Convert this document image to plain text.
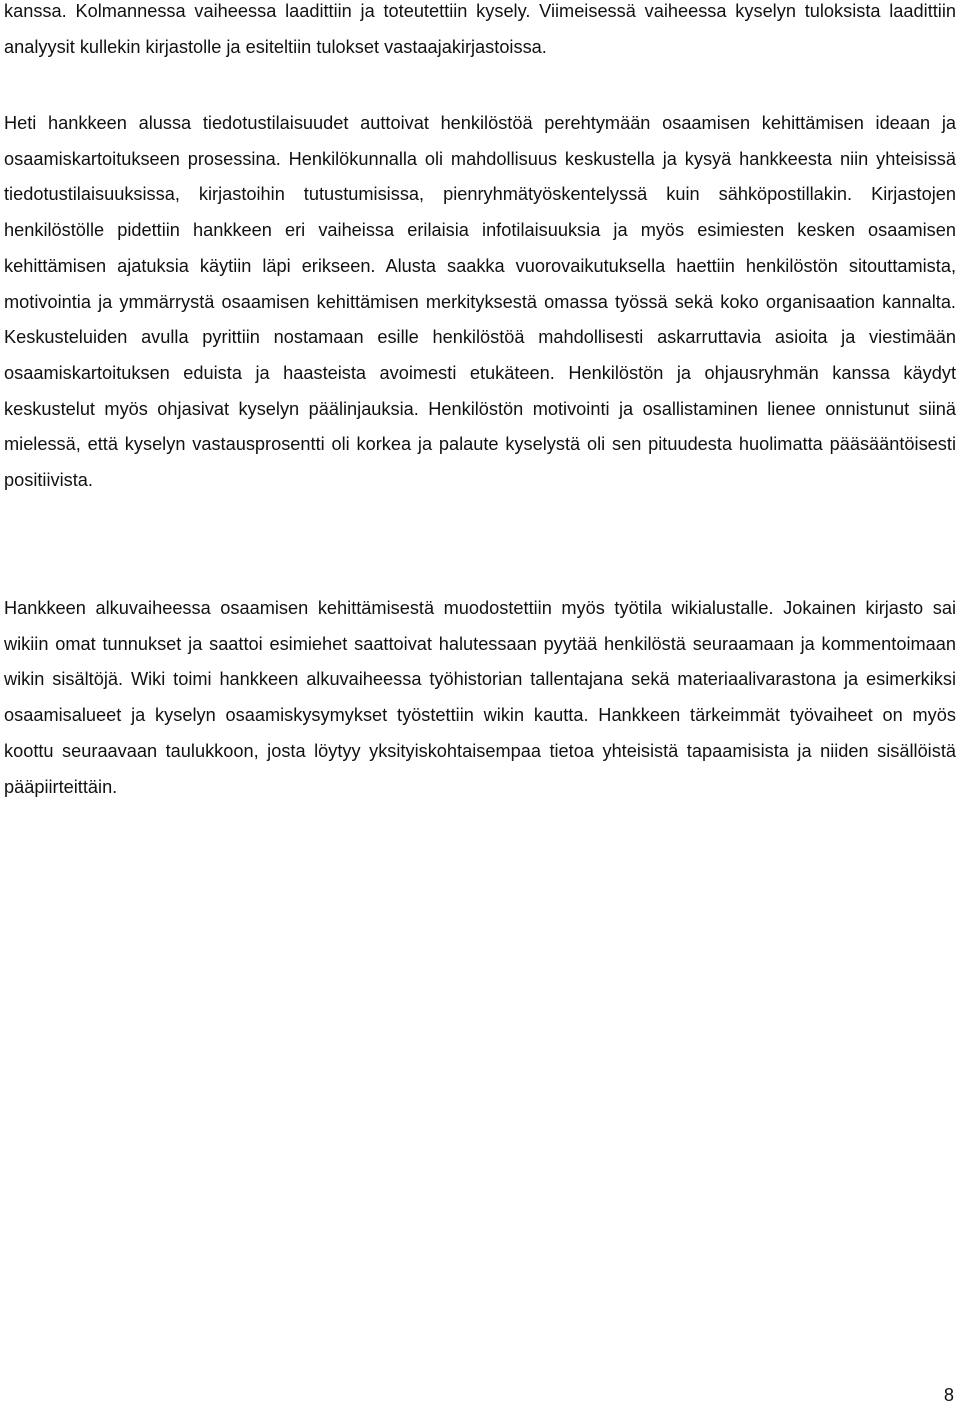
kanssa. Kolmannessa vaiheessa laadittiin ja toteutettiin kysely. Viimeisessä vaiheessa kyselyn tuloksista laadittiin analyysit kullekin kirjastolle ja esiteltiin tulokset vastaajakirjastoissa.

Heti hankkeen alussa tiedotustilaisuudet auttoivat henkilöstöä perehtymään osaamisen kehittämisen ideaan ja osaamiskartoitukseen prosessina. Henkilökunnalla oli mahdollisuus keskustella ja kysyä hankkeesta niin yhteisissä tiedotustilaisuuksissa, kirjastoihin tutustumisissa, pienryhmätyöskentelyssä kuin sähköpostillakin. Kirjastojen henkilöstölle pidettiin hankkeen eri vaiheissa erilaisia infotilaisuuksia ja myös esimiesten kesken osaamisen kehittämisen ajatuksia käytiin läpi erikseen. Alusta saakka vuorovaikutuksella haettiin henkilöstön sitouttamista, motivointia ja ymmärrystä osaamisen kehittämisen merkityksestä omassa työssä sekä koko organisaation kannalta. Keskusteluiden avulla pyrittiin nostamaan esille henkilöstöä mahdollisesti askarruttavia asioita ja viestimään osaamiskartoituksen eduista ja haasteista avoimesti etukäteen. Henkilöstön ja ohjausryhmän kanssa käydyt keskustelut myös ohjasivat kyselyn päälinjauksia. Henkilöstön motivointi ja osallistaminen lienee onnistunut siinä mielessä, että kyselyn vastausprosentti oli korkea ja palaute kyselystä oli sen pituudesta huolimatta pääsääntöisesti positiivista.

Hankkeen alkuvaiheessa osaamisen kehittämisestä muodostettiin myös työtila wikialustalle. Jokainen kirjasto sai wikiin omat tunnukset ja saattoi esimiehet saattoivat halutessaan pyytää henkilöstä seuraamaan ja kommentoimaan wikin sisältöjä. Wiki toimi hankkeen alkuvaiheessa työhistorian tallentajana sekä materiaalivarastona ja esimerkiksi osaamisalueet ja kyselyn osaamiskysymykset työstettiin wikin kautta. Hankkeen tärkeimmät työvaiheet on myös koottu seuraavaan taulukkoon, josta löytyy yksityiskohtaisempaa tietoa yhteisistä tapaamisista ja niiden sisällöistä pääpiirteittäin.

8
